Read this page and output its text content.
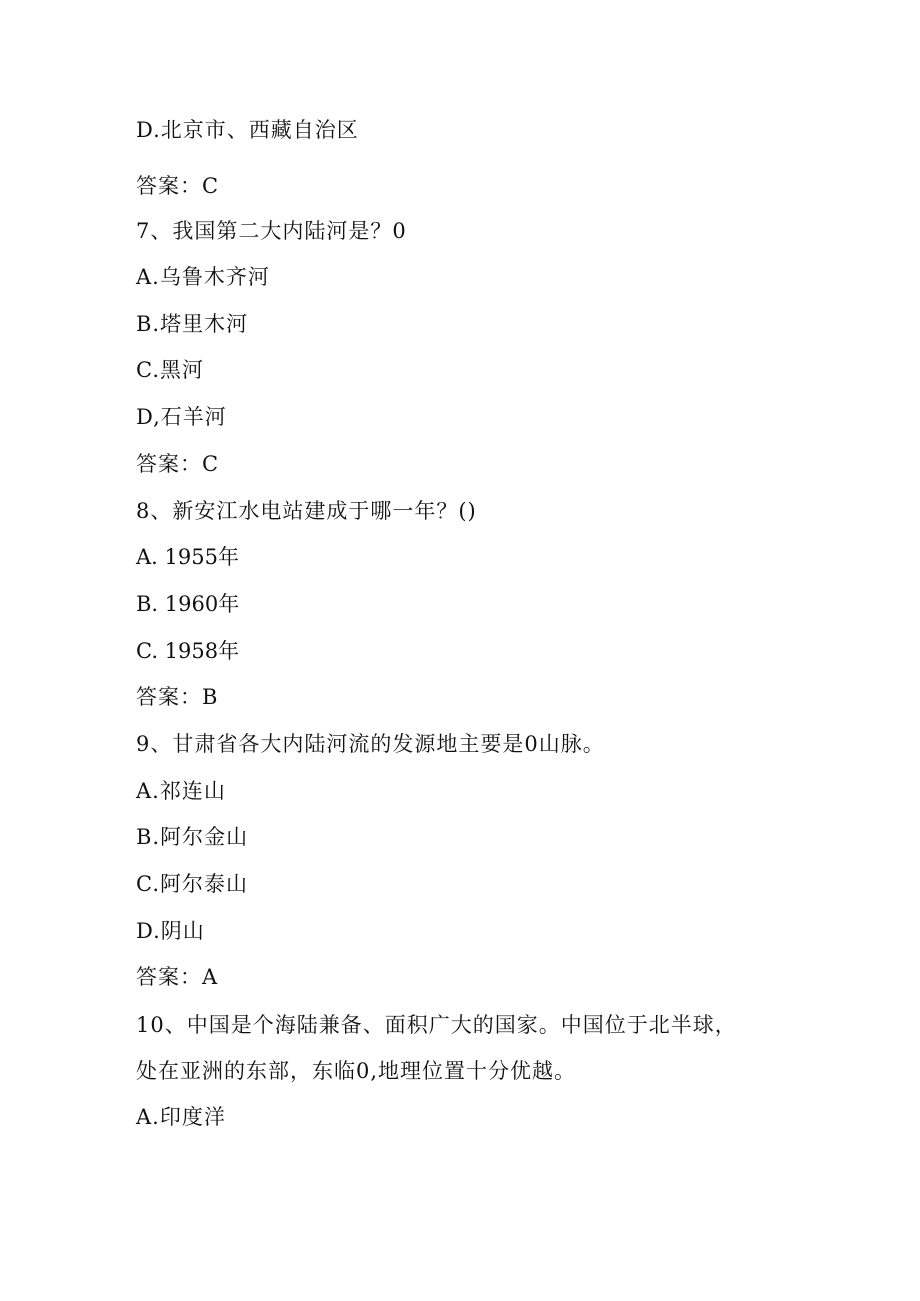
D.北京市、西藏自治区
答案：C
7、我国第二大内陆河是？0
A.乌鲁木齐河
B.塔里木河
C.黑河
D,石羊河
答案：C
8、新安江水电站建成于哪一年？()
A. 1955年
B. 1960年
C. 1958年
答案：B
9、甘肃省各大内陆河流的发源地主要是0山脉。
A.祁连山
B.阿尔金山
C.阿尔泰山
D.阴山
答案：A
10、中国是个海陆兼备、面积广大的国家。中国位于北半球，
处在亚洲的东部，东临0,地理位置十分优越。
A.印度洋
